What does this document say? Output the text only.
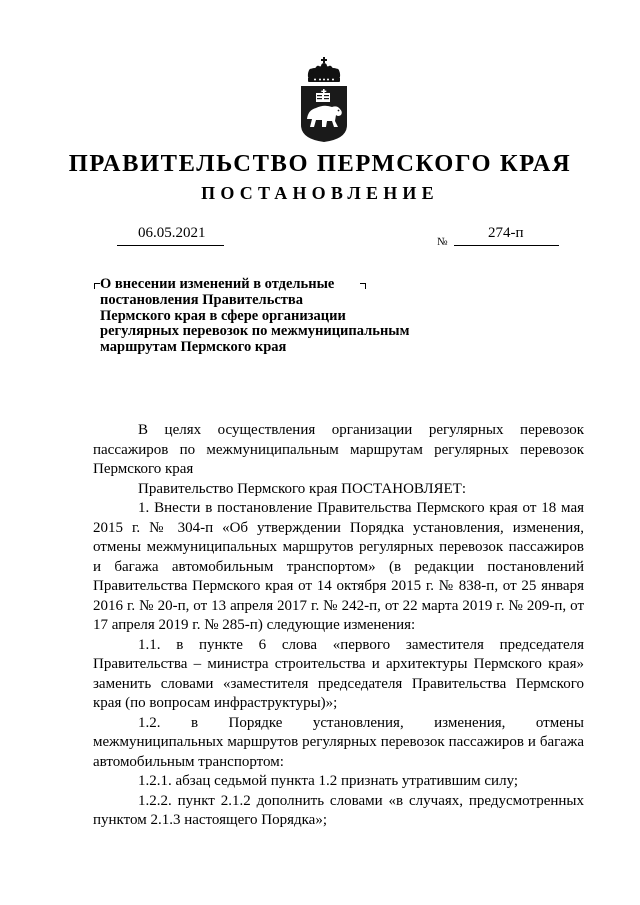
ПРАВИТЕЛЬСТВО ПЕРМСКОГО КРАЯ
ПОСТАНОВЛЕНИЕ
06.05.2021
№
274-п
О внесении изменений в отдельные
постановления Правительства
Пермского края в сфере организации
регулярных перевозок по межмуниципальным
маршрутам Пермского края

В целях осуществления организации регулярных перевозок пассажиров по межмуниципальным маршрутам регулярных перевозок Пермского края

Правительство Пермского края ПОСТАНОВЛЯЕТ:

1. Внести в постановление Правительства Пермского края от 18 мая 2015 г. № 304-п «Об утверждении Порядка установления, изменения, отмены межмуниципальных маршрутов регулярных перевозок пассажиров и багажа автомобильным транспортом» (в редакции постановлений Правительства Пермского края от 14 октября 2015 г. № 838-п, от 25 января 2016 г. № 20-п, от 13 апреля 2017 г. № 242-п, от 22 марта 2019 г. № 209-п, от 17 апреля 2019 г. № 285-п) следующие изменения:

1.1. в пункте 6 слова «первого заместителя председателя Правительства – министра строительства и архитектуры Пермского края» заменить словами «заместителя председателя Правительства Пермского края (по вопросам инфраструктуры)»;

1.2. в Порядке установления, изменения, отмены межмуниципальных маршрутов регулярных перевозок пассажиров и багажа автомобильным транспортом:

1.2.1. абзац седьмой пункта 1.2 признать утратившим силу;

1.2.2. пункт 2.1.2 дополнить словами «в случаях, предусмотренных пунктом 2.1.3 настоящего Порядка»;
